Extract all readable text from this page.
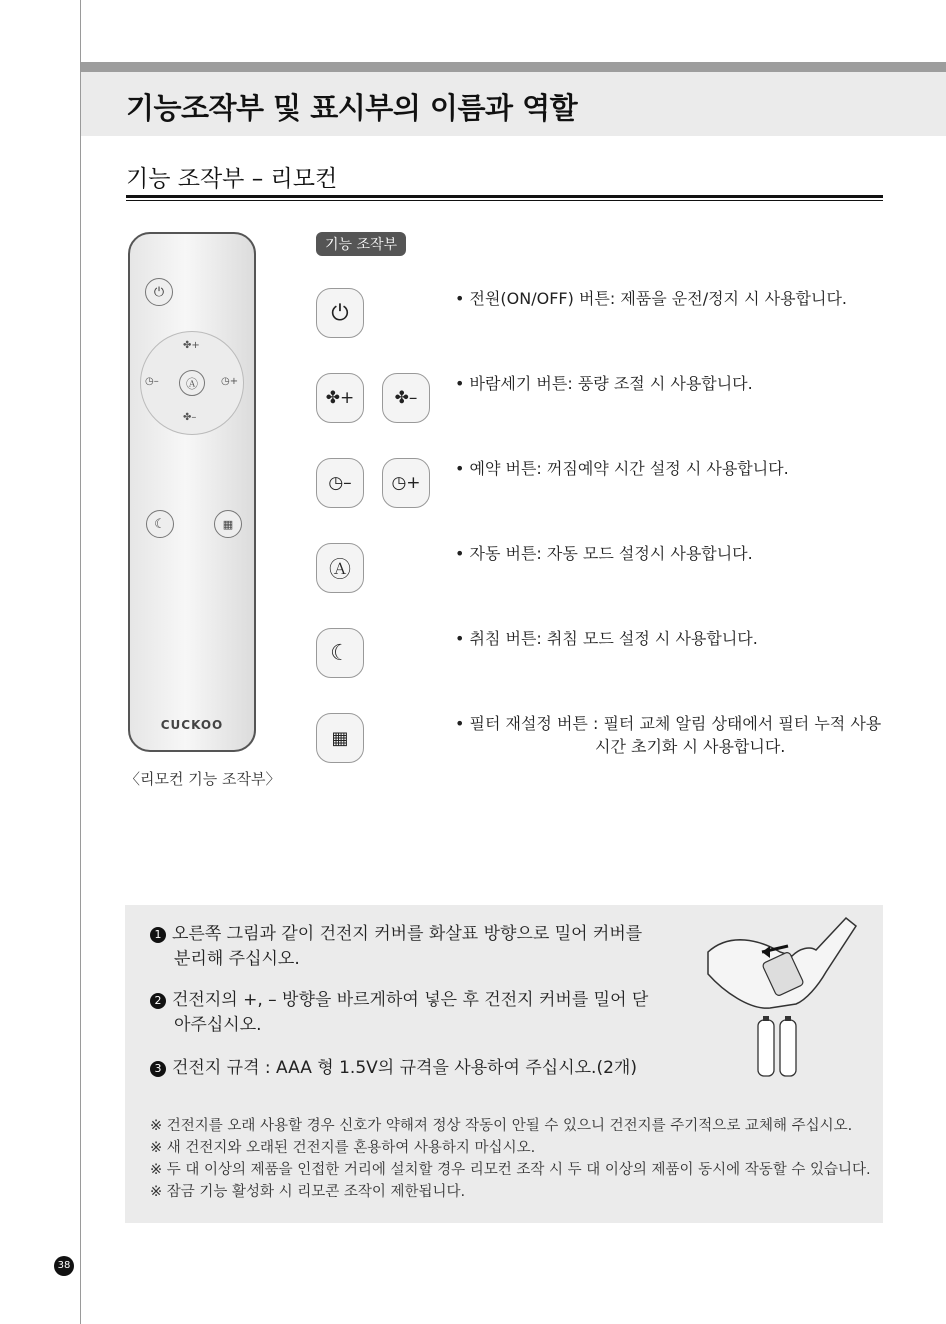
기능조작부 및 표시부의 이름과 역할
기능 조작부 – 리모컨
⏻
✤+
✤–
◷–	◷+
Ⓐ
☾	▦
CUCKOO
〈리모컨 기능 조작부〉
기능 조작부
⏻
• 전원(ON/OFF) 버튼: 제품을 운전/정지 시 사용합니다.
✤+	✤–
• 바람세기 버튼: 풍량 조절 시 사용합니다.
◷–	◷+
• 예약 버튼: 꺼짐예약 시간 설정 시 사용합니다.
Ⓐ
• 자동 버튼: 자동 모드 설정시 사용합니다.
☾
• 취침 버튼: 취침 모드 설정 시 사용합니다.
▦
• 필터 재설정 버튼 : 필터 교체 알림 상태에서 필터 누적 사용
시간 초기화 시 사용합니다.
1 오른쪽 그림과 같이 건전지 커버를 화살표 방향으로 밀어 커버를
분리해 주십시오.
2 건전지의 +, – 방향을 바르게하여 넣은 후 건전지 커버를 밀어 닫
아주십시오.
3 건전지 규격 : AAA 형 1.5V의 규격을 사용하여 주십시오.(2개)
※ 건전지를 오래 사용할 경우 신호가 약해져 정상 작동이 안될 수 있으니 건전지를 주기적으로 교체해 주십시오.
※ 새 건전지와 오래된 건전지를 혼용하여 사용하지 마십시오.
※ 두 대 이상의 제품을 인접한 거리에 설치할 경우 리모컨 조작 시 두 대 이상의 제품이 동시에 작동할 수 있습니다.
※ 잠금 기능 활성화 시 리모콘 조작이 제한됩니다.
38
